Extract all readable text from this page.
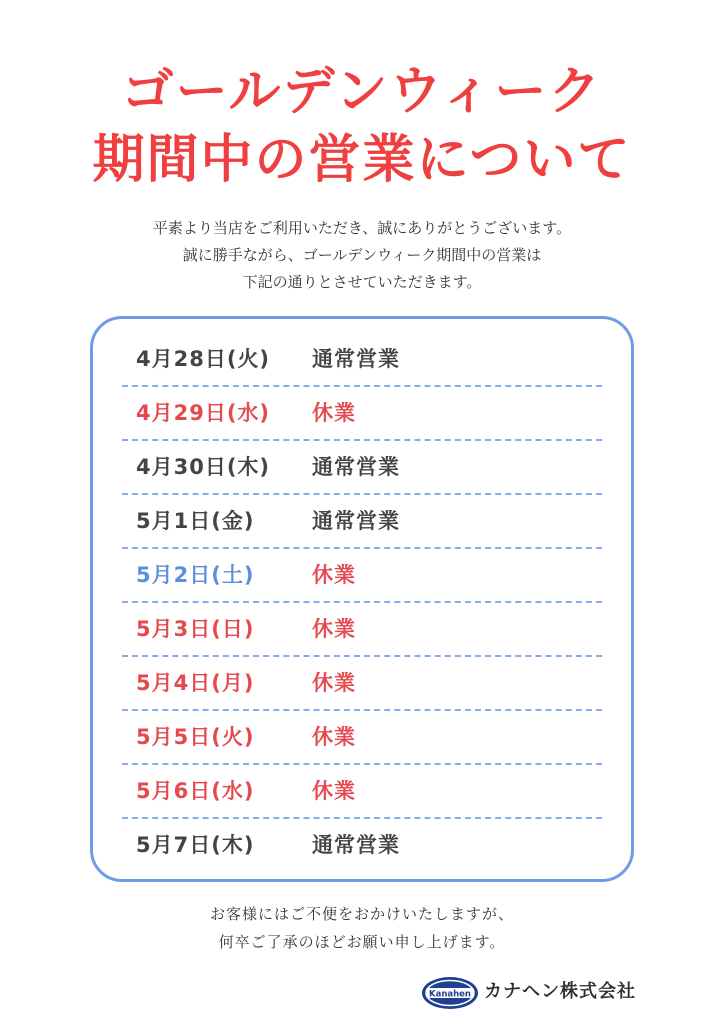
ゴールデンウィーク
期間中の営業について
平素より当店をご利用いただき、誠にありがとうございます。
誠に勝手ながら、ゴールデンウィーク期間中の営業は
下記の通りとさせていただきます。
4月28日(火) 通常営業
4月29日(水) 休業
4月30日(木) 通常営業
5月1日(金)	通常営業
5月2日(土)	休業
5月3日(日)	休業
5月4日(月)	休業
5月5日(火)	休業
5月6日(水)	休業
5月7日(木)	通常営業
お客様にはご不便をおかけいたしますが、
何卒ご了承のほどお願い申し上げます。
Kanahen カナヘン株式会社
